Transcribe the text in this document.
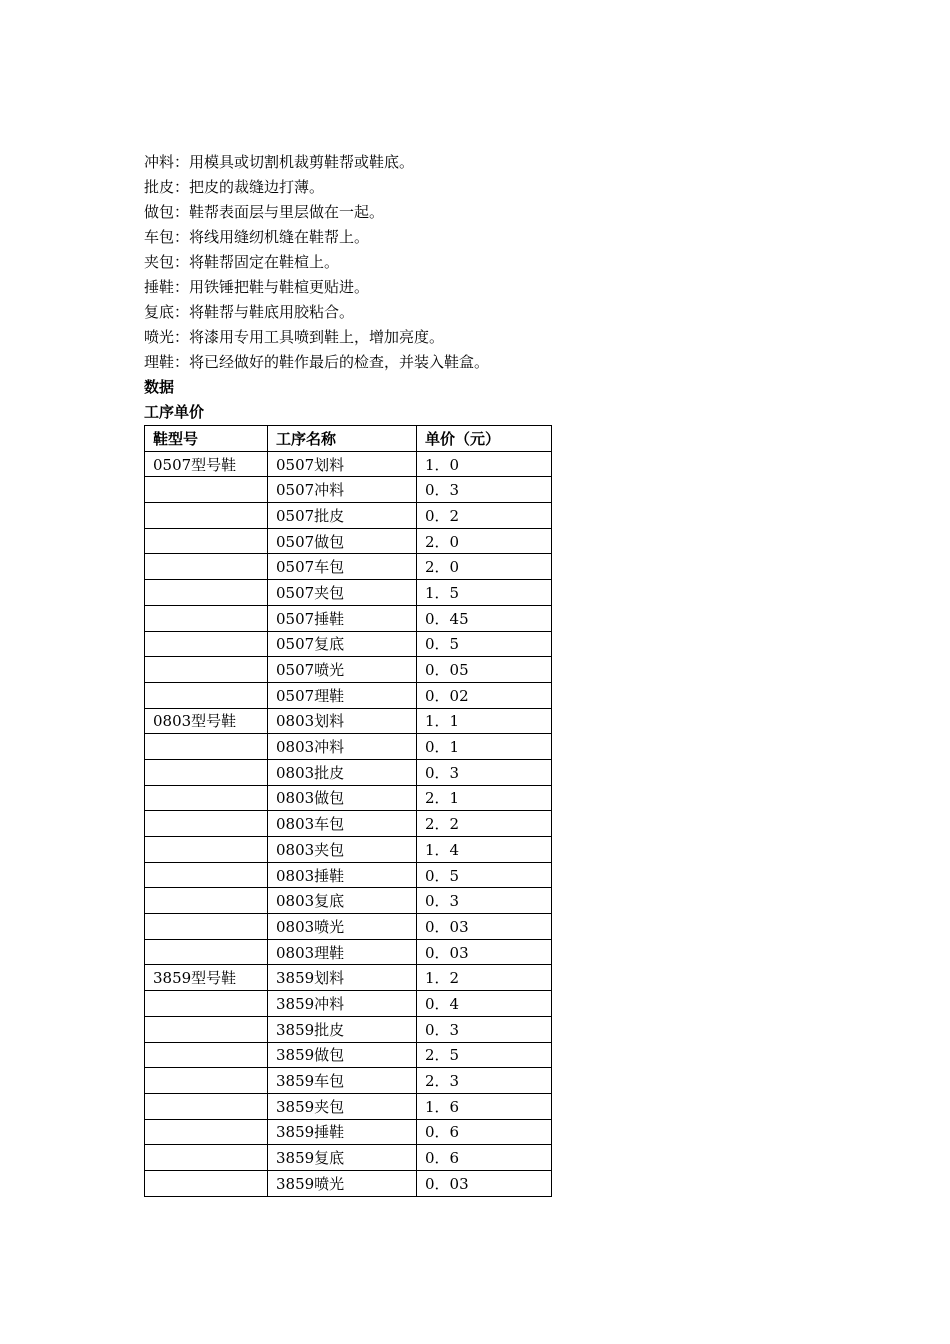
冲料：用模具或切割机裁剪鞋帮或鞋底。
批皮：把皮的裁缝边打薄。
做包：鞋帮表面层与里层做在一起。
车包：将线用缝纫机缝在鞋帮上。
夹包：将鞋帮固定在鞋楦上。
捶鞋：用铁锤把鞋与鞋楦更贴进。
复底：将鞋帮与鞋底用胶粘合。
喷光：将漆用专用工具喷到鞋上，增加亮度。
理鞋：将已经做好的鞋作最后的检查，并装入鞋盒。
数据
工序单价
鞋型号	工序名称	单价（元）
0507型号鞋	0507划料	1．0
	0507冲料	0．3
	0507批皮	0．2
	0507做包	2．0
	0507车包	2．0
	0507夹包	1．5
	0507捶鞋	0．45
	0507复底	0．5
	0507喷光	0．05
	0507理鞋	0．02
0803型号鞋	0803划料	1．1
	0803冲料	0．1
	0803批皮	0．3
	0803做包	2．1
	0803车包	2．2
	0803夹包	1．4
	0803捶鞋	0．5
	0803复底	0．3
	0803喷光	0．03
	0803理鞋	0．03
3859型号鞋	3859划料	1．2
	3859冲料	0．4
	3859批皮	0．3
	3859做包	2．5
	3859车包	2．3
	3859夹包	1．6
	3859捶鞋	0．6
	3859复底	0．6
	3859喷光	0．03
